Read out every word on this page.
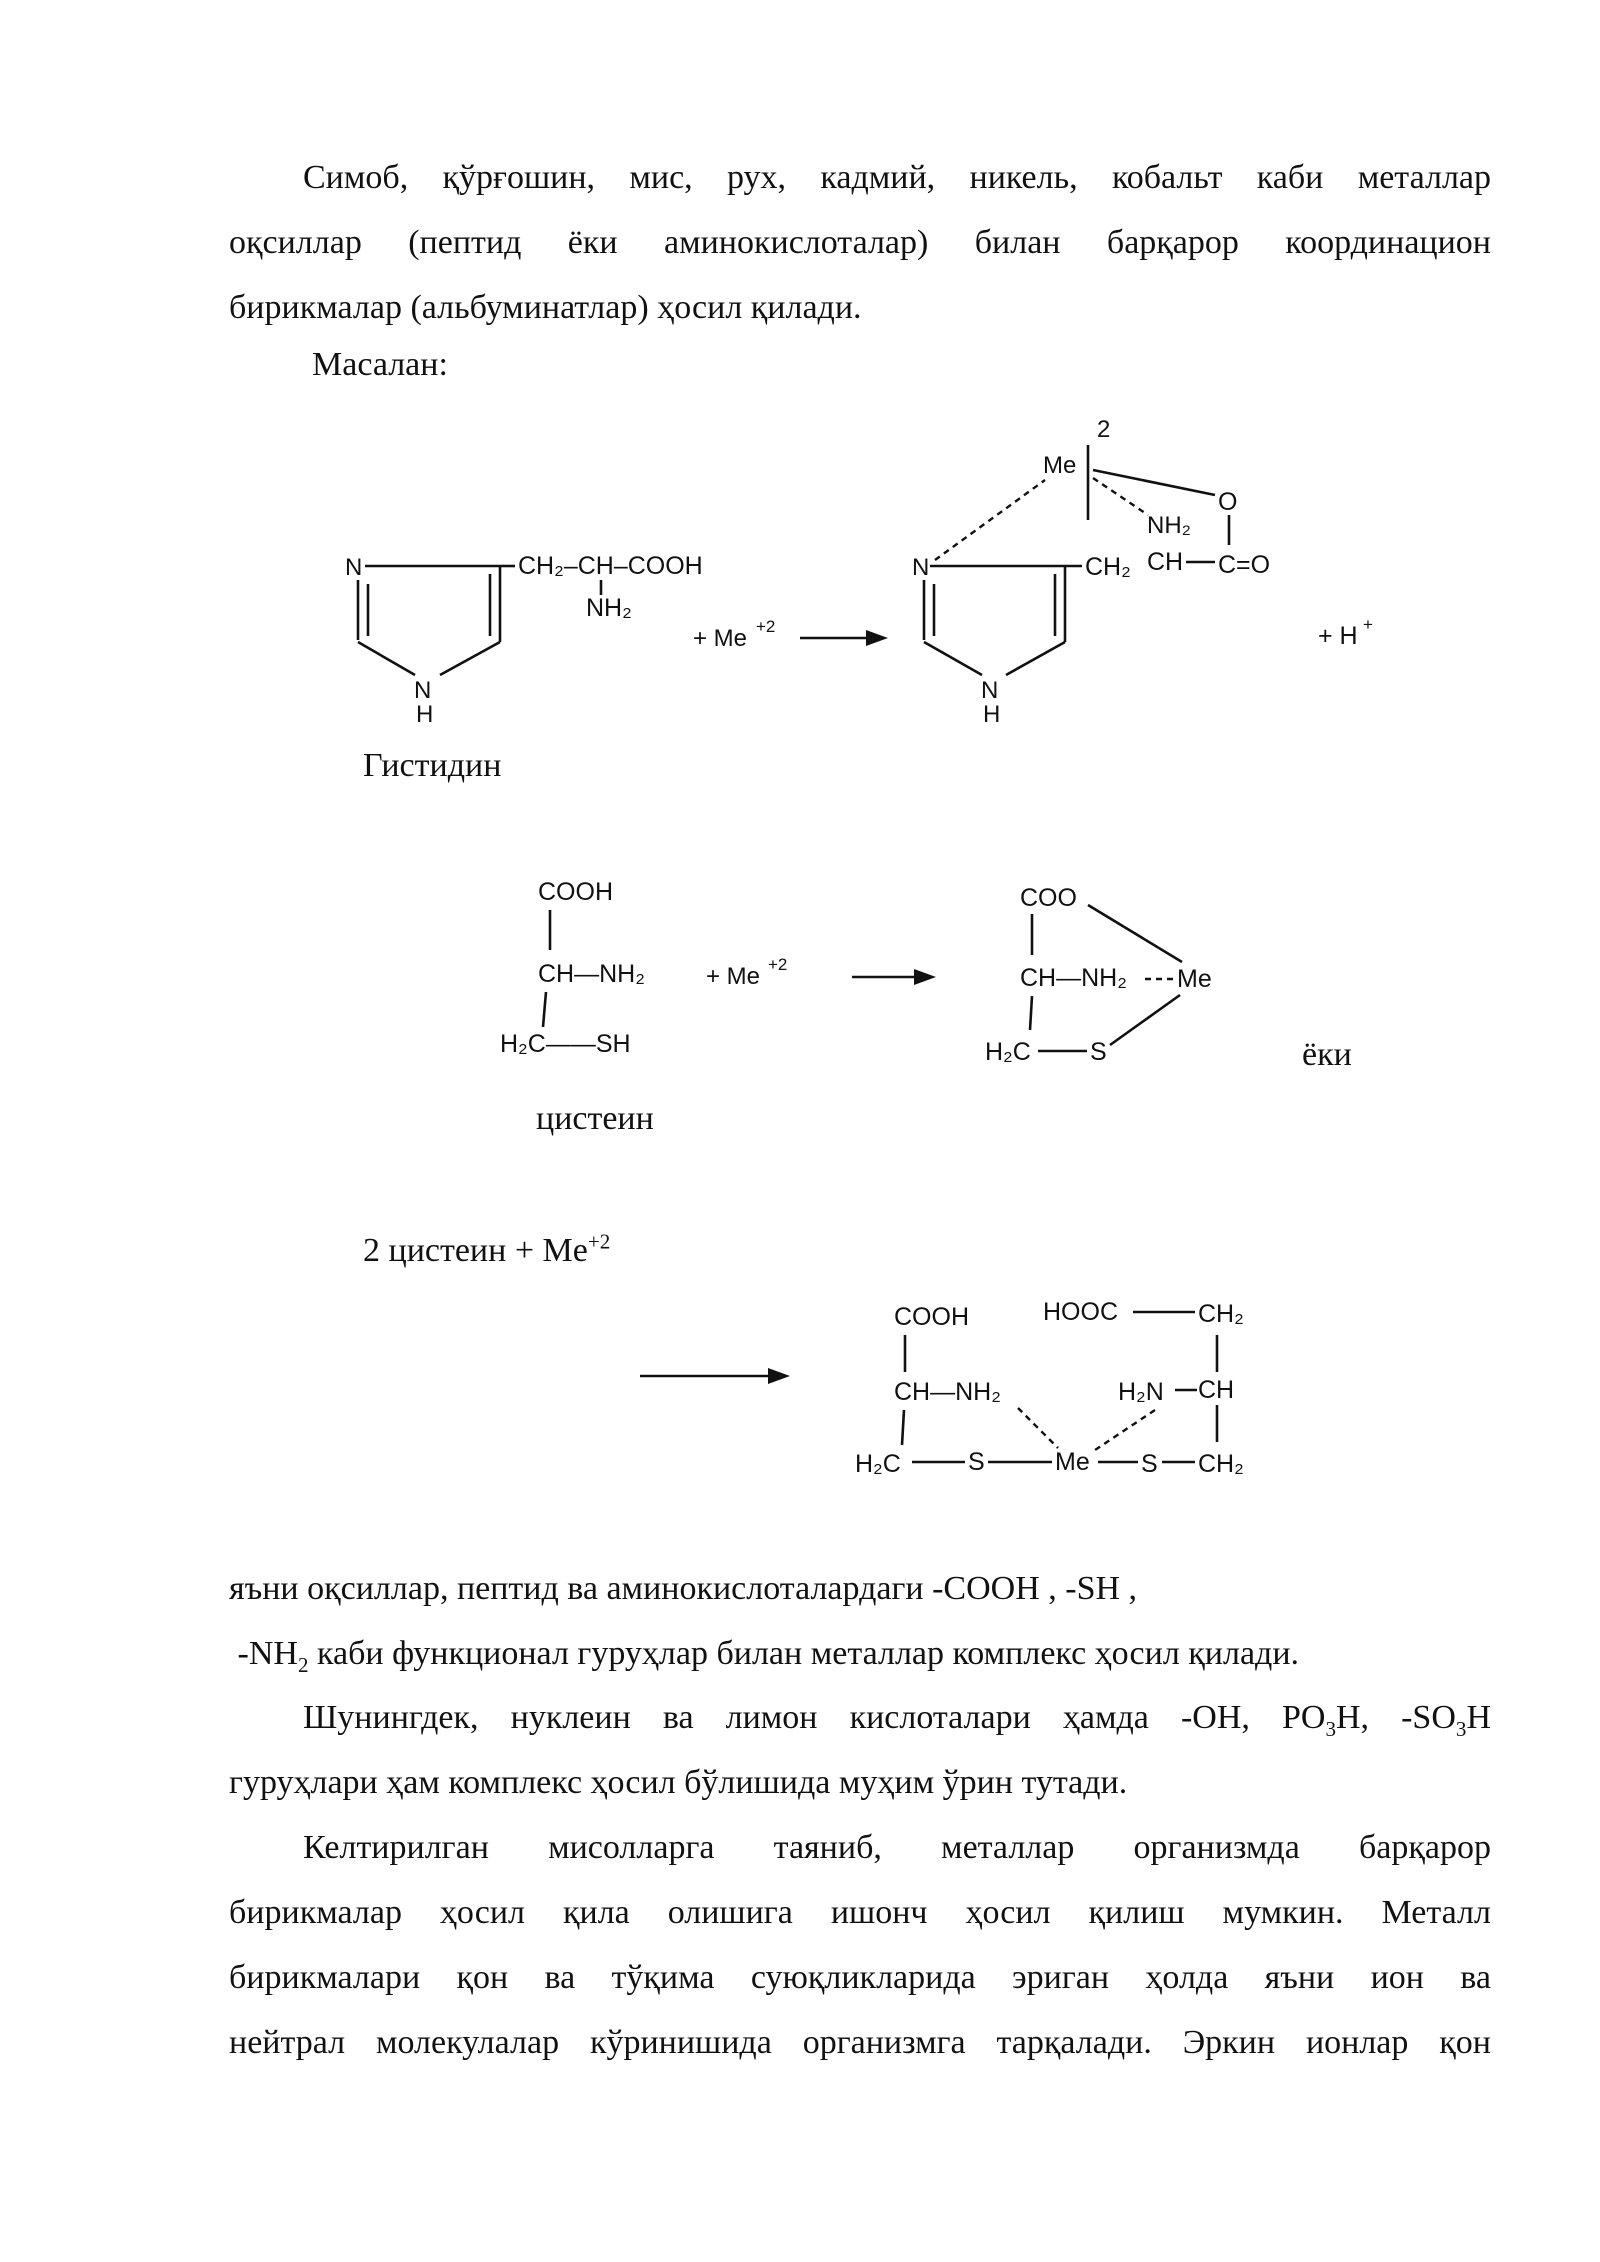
Симоб, қўрғошин, мис, рух, кадмий, никель, кобальт каби металлар
оқсиллар (пептид ёки аминокислоталар) билан барқарор координацион
бирикмалар (альбуминатлар) ҳосил қилади.
Масалан:
N
N
H
CH₂–CH–COOH
NH₂
+ Me +2
N
N
H
CH₂ CH C=O
O
NH₂
Me
2
+ H +
COOH
CH—NH₂
H₂C——SH
+ Me +2
COO
CH—NH₂ Me
H₂C S
COOH
CH—NH₂
H₂C	S	Me S CH₂
CH
H₂N
CH₂
HOOC
Гистидин
ёки
цистеин
2 цистеин + $Me^{+2}$
яъни оқсиллар, пептид ва аминокислоталардаги -COOH , -SH ,
$-NH_2$ каби функционал гуруҳлар билан металлар комплекс ҳосил қилади.
Шунингдек, нуклеин ва лимон кислоталари ҳамда -OH, $PO_3H$, $-SO_3H$
гуруҳлари ҳам комплекс ҳосил бўлишида муҳим ўрин тутади.
Келтирилган мисолларга таяниб, металлар организмда барқарор
бирикмалар ҳосил қила олишига ишонч ҳосил қилиш мумкин. Металл
бирикмалари қон ва тўқима суюқликларида эриган ҳолда яъни ион ва
нейтрал молекулалар кўринишида организмга тарқалади. Эркин ионлар қон
